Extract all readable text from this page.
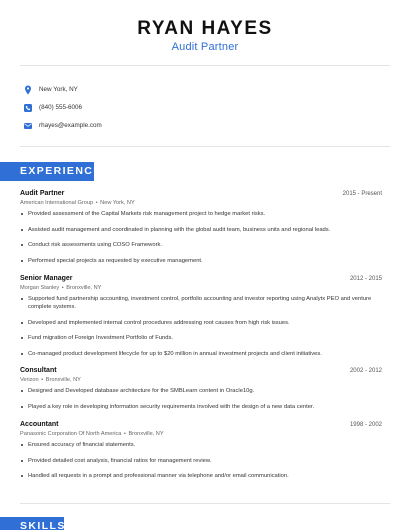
RYAN HAYES
Audit Partner
New York, NY
(840) 555-6006
rhayes@example.com
EXPERIENCE
Audit Partner	2015 - Present
American International Group • New York, NY
Provided assessment of the Capital Markets risk management project to hedge market risks.
Assisted audit management and coordinated in planning with the global audit team, business units and regional leads.
Conduct risk assessments using COSO Framework.
Performed special projects as requested by executive management.
Senior Manager	2012 - 2015
Morgan Stanley • Bronxville, NY
Supported fund partnership accounting, investment control, portfolio accounting and investor reporting using Analytx PEO and venture complete systems.
Developed and implemented internal control procedures addressing root causes from high risk issues.
Fund migration of Foreign Investment Portfolio of Funds.
Co-managed product development lifecycle for up to $20 million in annual investment projects and client initiatives.
Consultant	2002 - 2012
Verizon • Bronxville, NY
Designed and Developed database architecture for the SMBLearn content in Oracle10g.
Played a key role in developing information security requirements involved with the design of a new data center.
Accountant	1998 - 2002
Panasonic Corporation Of North America • Bronxville, NY
Ensured accuracy of financial statements.
Provided detailed cost analysis, financial ratios for management review.
Handled all requests in a prompt and professional manner via telephone and/or email communication.
SKILLS
